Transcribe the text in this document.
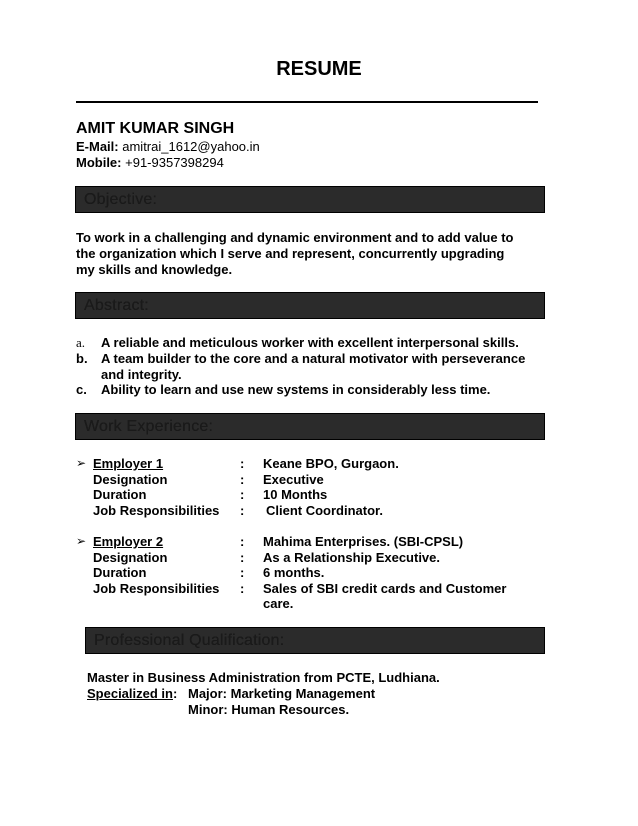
RESUME
AMIT KUMAR SINGH
E-Mail: amitrai_1612@yahoo.in
Mobile: +91-9357398294
Objective:
To work in a challenging and dynamic environment and to add value to
the organization which I serve and represent, concurrently upgrading
my skills and knowledge.
Abstract:
a. A reliable and meticulous worker with excellent interpersonal skills.
b. A team builder to the core and a natural motivator with perseverance
and integrity.
c. Ability to learn and use new systems in considerably less time.
Work Experience:
➢ Employer 1	: Keane BPO, Gurgaon.
Designation	: Executive
Duration	: 10 Months
Job Responsibilities : Client Coordinator.
➢ Employer 2	: Mahima Enterprises. (SBI-CPSL)
Designation	: As a Relationship Executive.
Duration	: 6 months.
Job Responsibilities : Sales of SBI credit cards and Customer
care.
Professional Qualification:
Master in Business Administration from PCTE, Ludhiana.
Specialized in: Major: Marketing Management
Minor: Human Resources.
